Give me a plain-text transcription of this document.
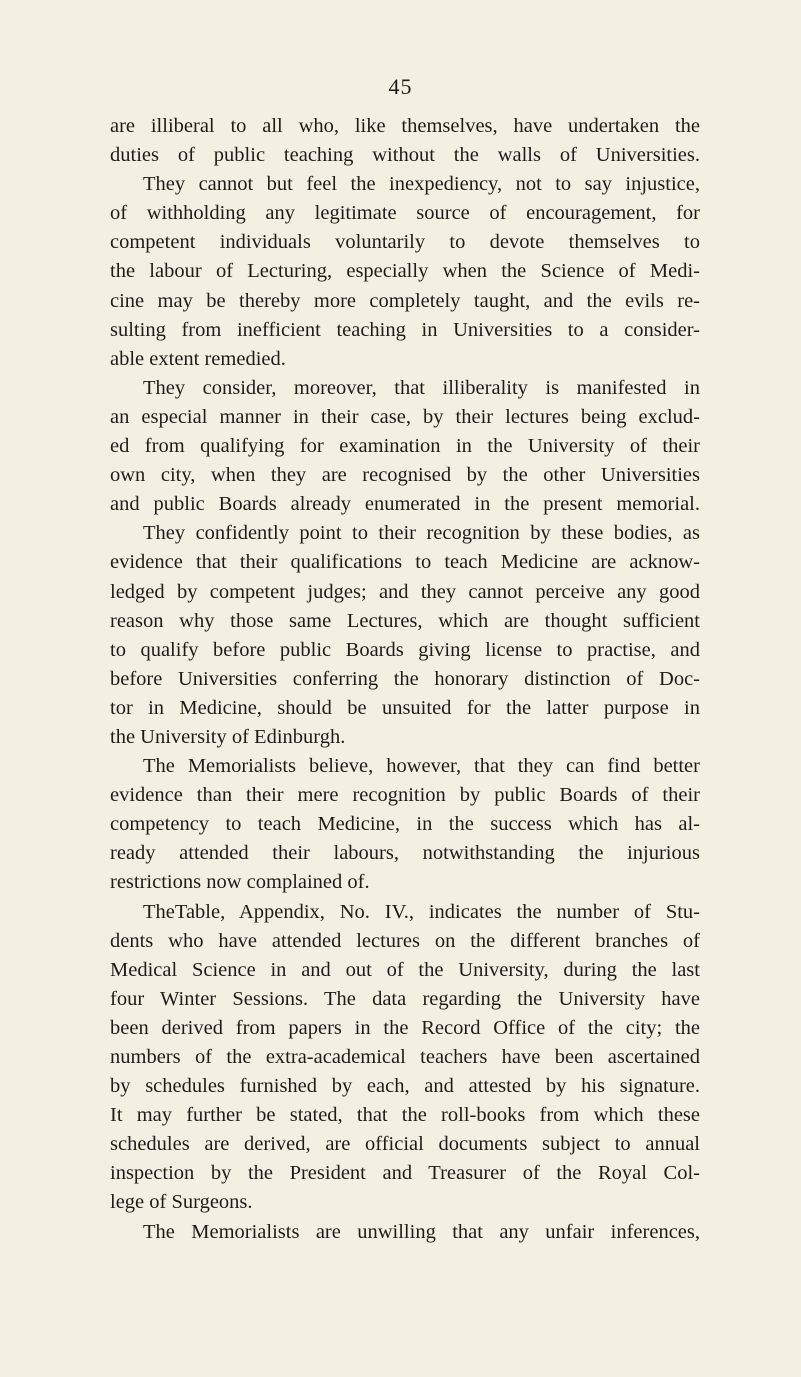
45
are illiberal to all who, like themselves, have undertaken the
duties of public teaching without the walls of Universities.
They cannot but feel the inexpediency, not to say injustice,
of withholding any legitimate source of encouragement, for
competent individuals voluntarily to devote themselves to
the labour of Lecturing, especially when the Science of Medi-
cine may be thereby more completely taught, and the evils re-
sulting from inefficient teaching in Universities to a consider-
able extent remedied.
They consider, moreover, that illiberality is manifested in
an especial manner in their case, by their lectures being exclud-
ed from qualifying for examination in the University of their
own city, when they are recognised by the other Universities
and public Boards already enumerated in the present memorial.
They confidently point to their recognition by these bodies, as
evidence that their qualifications to teach Medicine are acknow-
ledged by competent judges; and they cannot perceive any good
reason why those same Lectures, which are thought sufficient
to qualify before public Boards giving license to practise, and
before Universities conferring the honorary distinction of Doc-
tor in Medicine, should be unsuited for the latter purpose in
the University of Edinburgh.
The Memorialists believe, however, that they can find better
evidence than their mere recognition by public Boards of their
competency to teach Medicine, in the success which has al-
ready attended their labours, notwithstanding the injurious
restrictions now complained of.
TheTable, Appendix, No. IV., indicates the number of Stu-
dents who have attended lectures on the different branches of
Medical Science in and out of the University, during the last
four Winter Sessions. The data regarding the University have
been derived from papers in the Record Office of the city; the
numbers of the extra-academical teachers have been ascertained
by schedules furnished by each, and attested by his signature.
It may further be stated, that the roll-books from which these
schedules are derived, are official documents subject to annual
inspection by the President and Treasurer of the Royal Col-
lege of Surgeons.
The Memorialists are unwilling that any unfair inferences,
